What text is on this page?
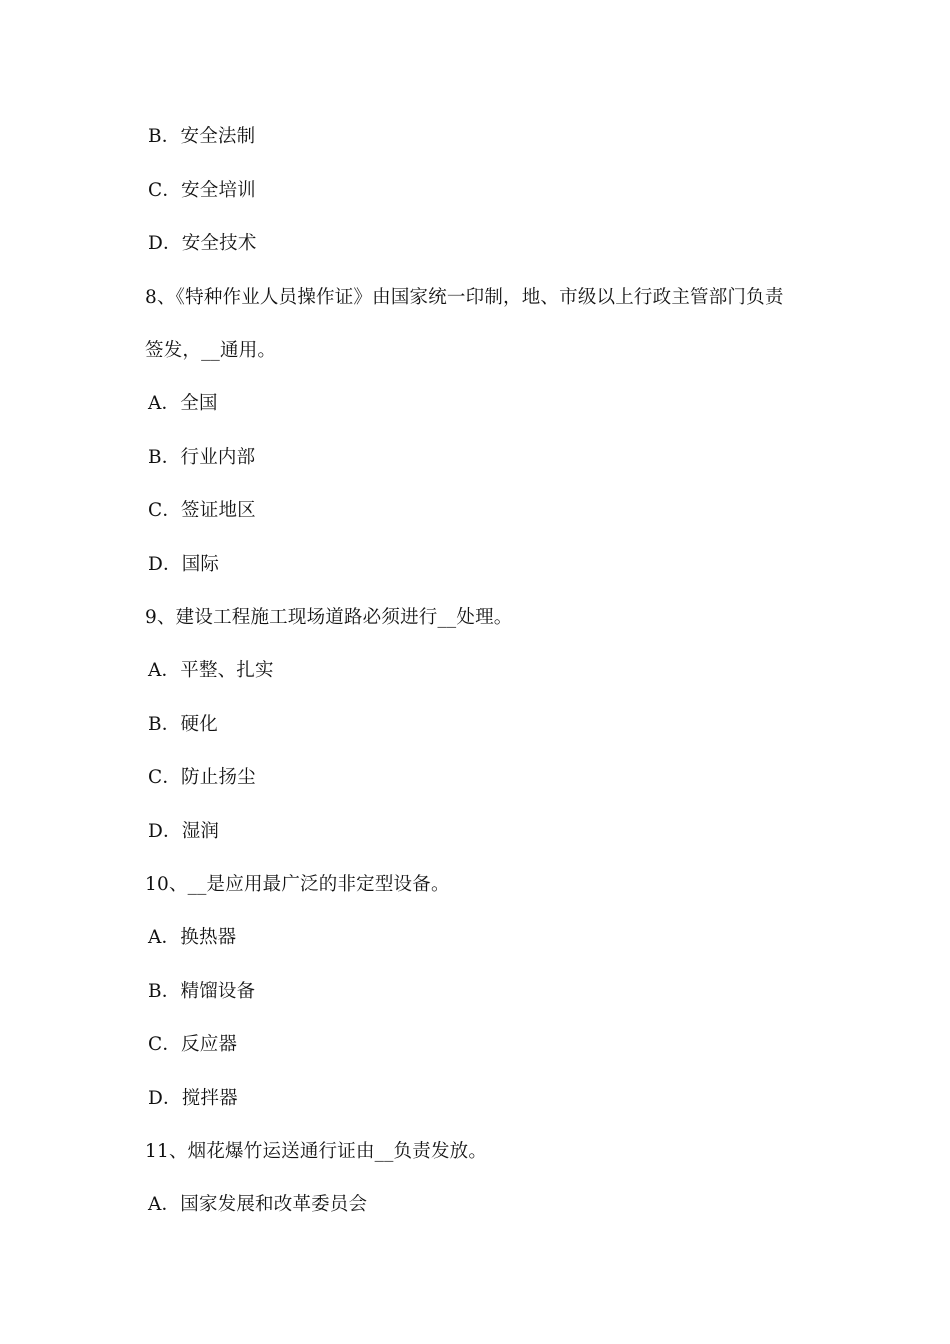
B．安全法制
C．安全培训
D．安全技术
8、《特种作业人员操作证》由国家统一印制，地、市级以上行政主管部门负责
签发，__通用。
A．全国
B．行业内部
C．签证地区
D．国际
9、建设工程施工现场道路必须进行__处理。
A．平整、扎实
B．硬化
C．防止扬尘
D．湿润
10、__是应用最广泛的非定型设备。
A．换热器
B．精馏设备
C．反应器
D．搅拌器
11、烟花爆竹运送通行证由__负责发放。
A．国家发展和改革委员会
